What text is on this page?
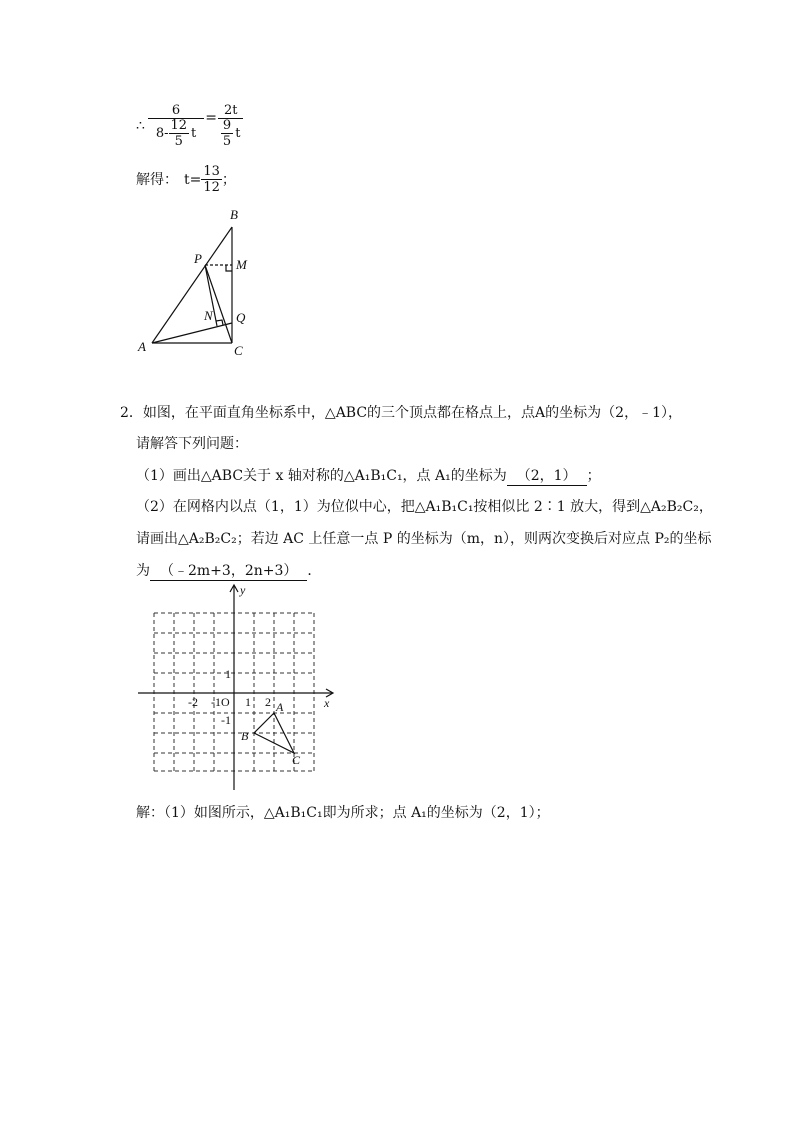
∴ $\frac{6}{8- \frac{12}{5} t} = \frac{2t}{\frac{9}{5} t}$
解得： $t= \frac{13}{12}$ ；
B
P	M
N Q
A	C
2．如图，在平面直角坐标系中，△ABC的三个顶点都在格点上，点A的坐标为（2，﹣1），
请解答下列问题：
（1）画出△ABC关于 x 轴对称的△A₁B₁C₁，点 A₁的坐标为 （2，1） ；
（2）在网格内以点（1，1）为位似中心，把△A₁B₁C₁按相似比 2∶1 放大，得到△A₂B₂C₂，
请画出△A₂B₂C₂；若边 AC 上任意一点 P 的坐标为（m，n），则两次变换后对应点 P₂的坐标
为 （﹣2m+3，2n+3） ．
y
x
-2 -1O 1 2
1
-1
A
B
C
解：（1）如图所示，△A₁B₁C₁即为所求；点 A₁的坐标为（2，1）；
